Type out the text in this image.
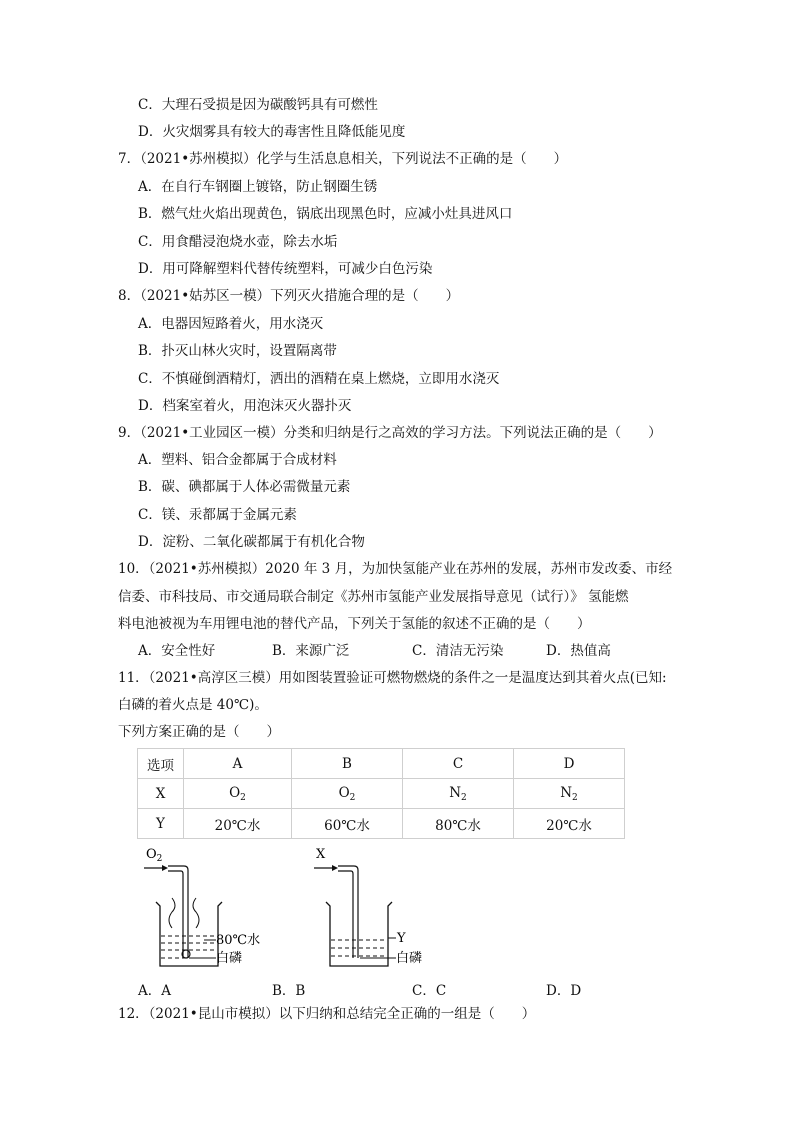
C．大理石受损是因为碳酸钙具有可燃性
D．火灾烟雾具有较大的毒害性且降低能见度
7．（2021•苏州模拟）化学与生活息息相关，下列说法不正确的是（　　）
A．在自行车钢圈上镀铬，防止钢圈生锈
B．燃气灶火焰出现黄色，锅底出现黑色时，应减小灶具进风口
C．用食醋浸泡烧水壶，除去水垢
D．用可降解塑料代替传统塑料，可减少白色污染
8．（2021•姑苏区一模）下列灭火措施合理的是（　　）
A．电器因短路着火，用水浇灭
B．扑灭山林火灾时，设置隔离带
C．不慎碰倒酒精灯，洒出的酒精在桌上燃烧，立即用水浇灭
D．档案室着火，用泡沫灭火器扑灭
9．（2021•工业园区一模）分类和归纳是行之高效的学习方法。下列说法正确的是（　　）
A．塑料、铝合金都属于合成材料
B．碳、碘都属于人体必需微量元素
C．镁、汞都属于金属元素
D．淀粉、二氧化碳都属于有机化合物
10．（2021•苏州模拟）2020 年 3 月，为加快氢能产业在苏州的发展，苏州市发改委、市经
信委、市科技局、市交通局联合制定《苏州市氢能产业发展指导意见（试行）》 氢能燃
料电池被视为车用锂电池的替代产品，下列关于氢能的叙述不正确的是（　　）
A．安全性好	B．来源广泛	C．清洁无污染	D．热值高
11．（2021•高淳区三模）用如图装置验证可燃物燃烧的条件之一是温度达到其着火点(已知:
白磷的着火点是 40℃)。
下列方案正确的是（　　）
选项	A	B	C	D
X	$O_2$	$O_2$	$N_2$	$N_2$
Y	20℃水	60℃水	80℃水	20℃水
$O_2$
80℃水
白磷
X
Y
白磷
A．A	B．B	C．C	D．D
12．（2021•昆山市模拟）以下归纳和总结完全正确的一组是（　　）
